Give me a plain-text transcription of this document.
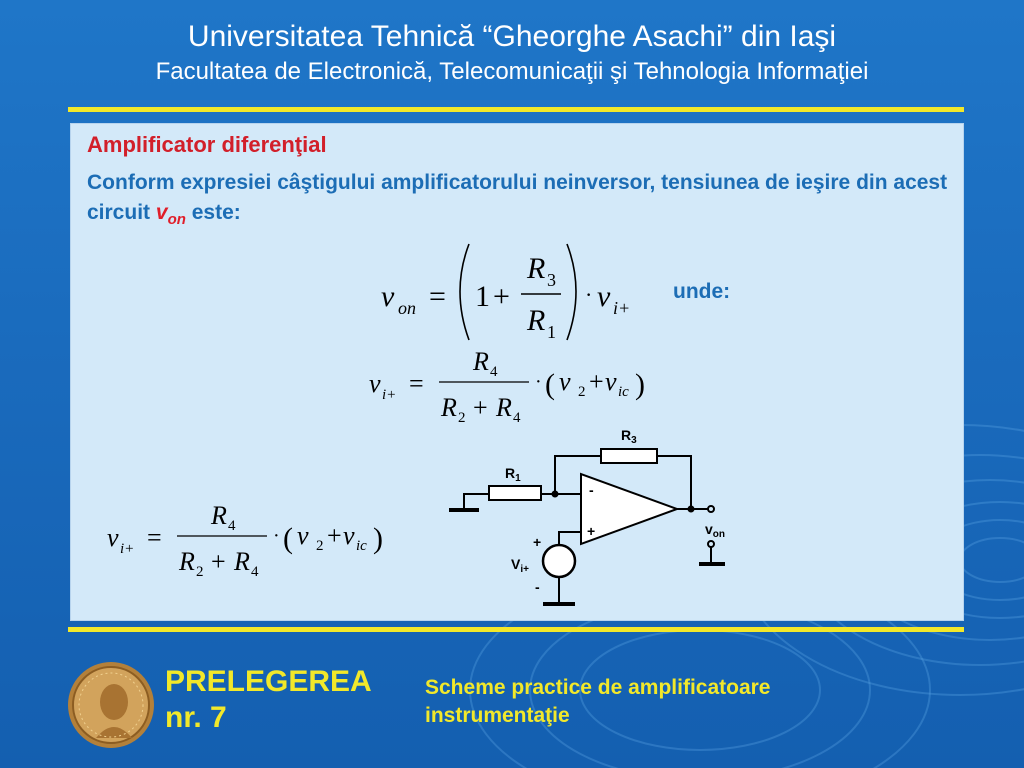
Universitatea Tehnică “Gheorghe Asachi” din Iaşi
Facultatea de Electronică, Telecomunicaţii şi Tehnologia Informaţiei
Amplificator diferenţial
Conform expresiei câştigului amplificatorului neinversor, tensiunea de ieşire din acest circuit $v_{on}$ este:
v on = 1 +
R 3
R 1
· v i+
unde:
v i+ =
R 4
R 2 + R 4
· ( v 2 + v ic )
v i+ =
R 4
R 2 + R 4
· ( v 2 + v ic )
-
+
$R_1$
$R_3$
$v_{on}$
$V_{i+}$
+
-
PRELEGEREA
nr. 7
Scheme practice de amplificatoare
instrumentaţie
